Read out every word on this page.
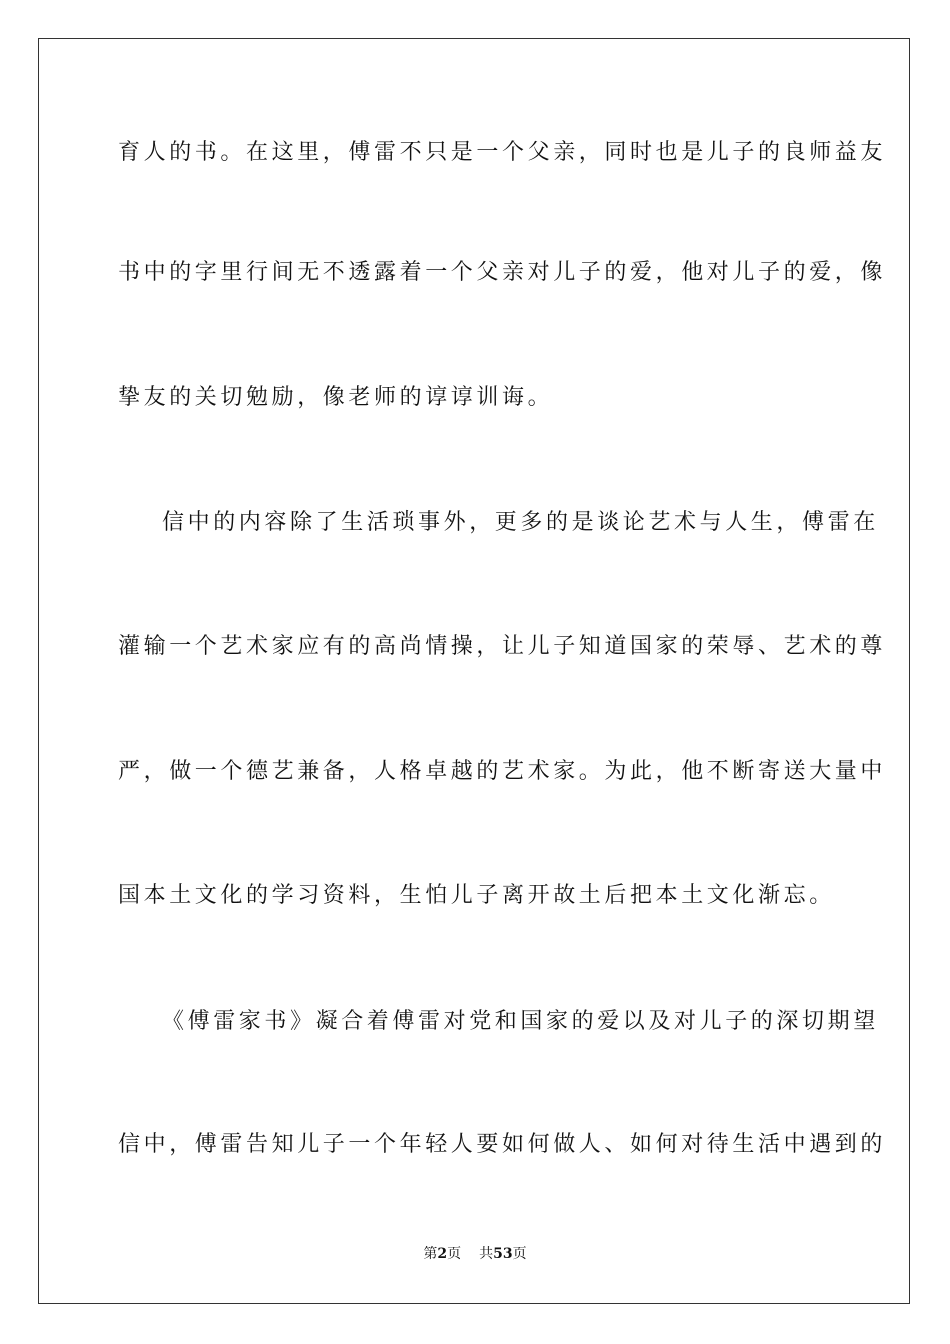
育人的书。在这里，傅雷不只是一个父亲，同时也是儿子的良师益友
书中的字里行间无不透露着一个父亲对儿子的爱，他对儿子的爱，像
挚友的关切勉励，像老师的谆谆训诲。
信中的内容除了生活琐事外，更多的是谈论艺术与人生，傅雷在
灌输一个艺术家应有的高尚情操，让儿子知道国家的荣辱、艺术的尊
严，做一个德艺兼备，人格卓越的艺术家。为此，他不断寄送大量中
国本土文化的学习资料，生怕儿子离开故土后把本土文化渐忘。
《傅雷家书》凝合着傅雷对党和国家的爱以及对儿子的深切期望
信中，傅雷告知儿子一个年轻人要如何做人、如何对待生活中遇到的
第2页 共53页
